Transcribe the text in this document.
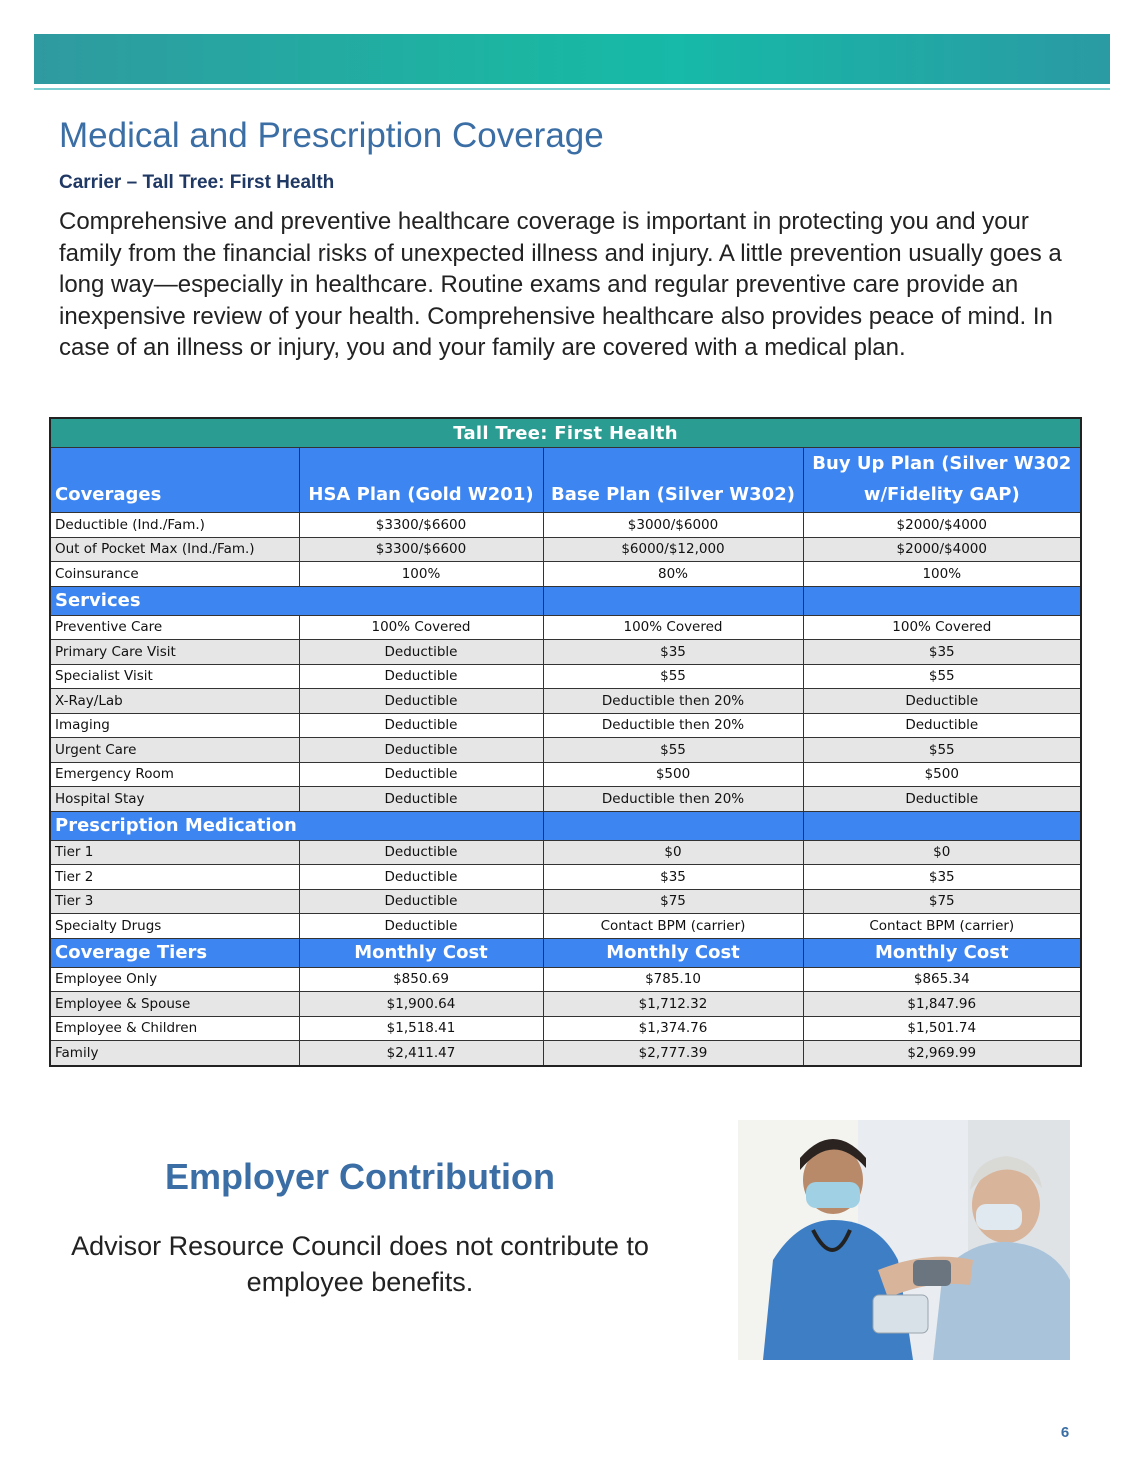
Medical and Prescription Coverage

Carrier – Tall Tree: First Health

Comprehensive and preventive healthcare coverage is important in protecting you and your family from the financial risks of unexpected illness and injury. A little prevention usually goes a long way—especially in healthcare. Routine exams and regular preventive care provide an inexpensive review of your health. Comprehensive healthcare also provides peace of mind. In case of an illness or injury, you and your family are covered with a medical plan.

Tall Tree: First Health			
Coverages	HSA Plan (Gold W201)	Base Plan (Silver W302)	Buy Up Plan (Silver W302 w/Fidelity GAP)
Deductible (Ind./Fam.)	$3300/$6600	$3000/$6000	$2000/$4000
Out of Pocket Max (Ind./Fam.)	$3300/$6600	$6000/$12,000	$2000/$4000
Coinsurance	100%	80%	100%
Services			
Preventive Care	100% Covered	100% Covered	100% Covered
Primary Care Visit	Deductible	$35	$35
Specialist Visit	Deductible	$55	$55
X-Ray/Lab	Deductible	Deductible then 20%	Deductible
Imaging	Deductible	Deductible then 20%	Deductible
Urgent Care	Deductible	$55	$55
Emergency Room	Deductible	$500	$500
Hospital Stay	Deductible	Deductible then 20%	Deductible
Prescription Medication			
Tier 1	Deductible	$0	$0
Tier 2	Deductible	$35	$35
Tier 3	Deductible	$75	$75
Specialty Drugs	Deductible	Contact BPM (carrier)	Contact BPM (carrier)
Coverage Tiers	Monthly Cost	Monthly Cost	Monthly Cost
Employee Only	$850.69	$785.10	$865.34
Employee & Spouse	$1,900.64	$1,712.32	$1,847.96
Employee & Children	$1,518.41	$1,374.76	$1,501.74
Family	$2,411.47	$2,777.39	$2,969.99
Employer Contribution

Advisor Resource Council does not contribute to employee benefits.

6
